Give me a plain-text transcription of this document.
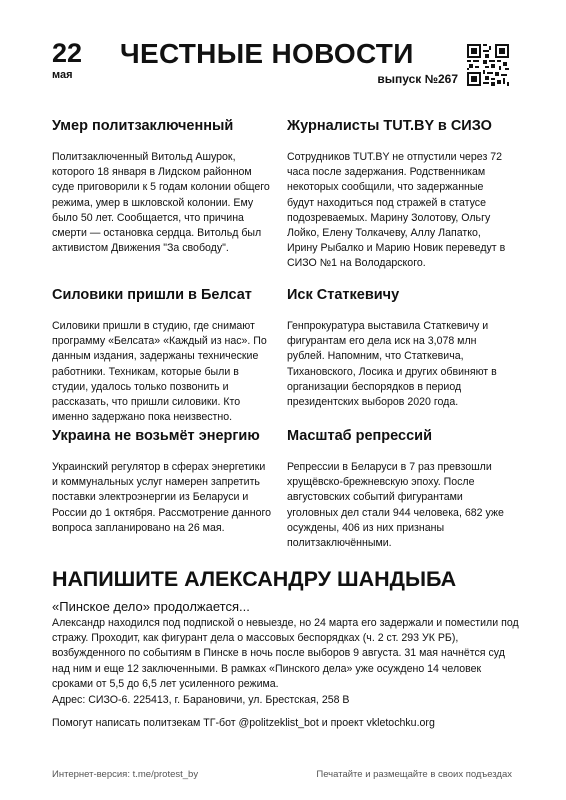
22
мая
ЧЕСТНЫЕ НОВОСТИ
выпуск №267
Умер политзаключенный

Политзаключенный Витольд Ашурок, которого 18 января в Лидском районном суде приговорили к 5 годам колонии общего режима, умер в шкловской колонии. Ему было 50 лет. Сообщается, что причина смерти — остановка сердца. Витольд был активистом Движения "За свободу".

Журналисты TUT.BY в СИЗО

Сотрудников TUT.BY не отпустили через 72 часа после задержания. Родственникам некоторых сообщили, что задержанные будут находиться под стражей в статусе подозреваемых. Марину Золотову, Ольгу Лойко, Елену Толкачеву, Аллу Лапатко, Ирину Рыбалко и Марию Новик переведут в СИЗО №1 на Володарского.

Силовики пришли в Белсат

Силовики пришли в студию, где снимают программу «Белсата» «Каждый из нас». По данным издания, задержаны технические работники. Техникам, которые были в студии, удалось только позвонить и рассказать, что пришли силовики. Кто именно задержано пока неизвестно.

Иск Статкевичу

Генпрокуратура выставила Статкевичу и фигурантам его дела иск на 3,078 млн рублей. Напомним, что Статкевича, Тихановского, Лосика и других обвиняют в организации беспорядков в период президентских выборов 2020 года.

Украина не возьмёт энергию

Украинский регулятор в сферах энергетики и коммунальных услуг намерен запретить поставки электроэнергии из Беларуси и России до 1 октября. Рассмотрение данного вопроса запланировано на 26 мая.

Масштаб репрессий

Репрессии в Беларуси в 7 раз превзошли хрущёвско-брежневскую эпоху. После августовских событий фигурантами уголовных дел стали 944 человека, 682 уже осуждены, 406 из них признаны политзаключёнными.

НАПИШИТЕ АЛЕКСАНДРУ ШАНДЫБА
«Пинское дело» продолжается...
Александр находился под подпиской о невыезде, но 24 марта его задержали и поместили под стражу. Проходит, как фигурант дела о массовых беспорядках (ч. 2 ст. 293 УК РБ), возбужденного по событиям в Пинске в ночь после выборов 9 августа. 31 мая начнётся суд над ним и еще 12 заключенными. В рамках «Пинского дела» уже осуждено 14 человек сроками от 5,5 до 6,5 лет усиленного режима.
Адрес: СИЗО-6. 225413, г. Барановичи, ул. Брестская, 258 В
Помогут написать политзекам ТГ-бот @politzeklist_bot и проект vkletochku.org
Интернет-версия: t.me/protest_by	Печатайте и размещайте в своих подъездах
